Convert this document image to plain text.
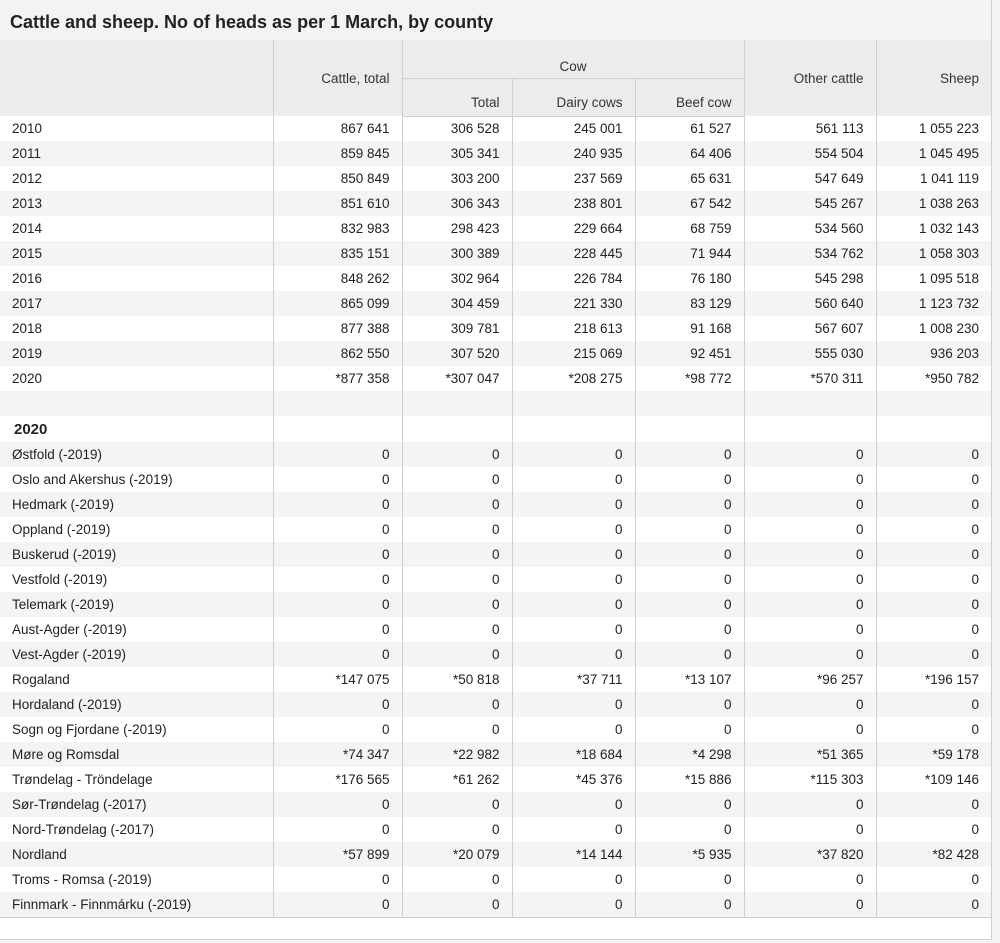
Cattle and sheep. No of heads as per 1 March, by county
	Cattle, total	Cow			Other cattle	Sheep
		Total	Dairy cows	Beef cow		
2010	867 641	306 528	245 001	61 527	561 113	1 055 223
2011	859 845	305 341	240 935	64 406	554 504	1 045 495
2012	850 849	303 200	237 569	65 631	547 649	1 041 119
2013	851 610	306 343	238 801	67 542	545 267	1 038 263
2014	832 983	298 423	229 664	68 759	534 560	1 032 143
2015	835 151	300 389	228 445	71 944	534 762	1 058 303
2016	848 262	302 964	226 784	76 180	545 298	1 095 518
2017	865 099	304 459	221 330	83 129	560 640	1 123 732
2018	877 388	309 781	218 613	91 168	567 607	1 008 230
2019	862 550	307 520	215 069	92 451	555 030	936 203
2020	*877 358	*307 047	*208 275	*98 772	*570 311	*950 782

2020						
Østfold (-2019)	0	0	0	0	0	0
Oslo and Akershus (-2019)	0	0	0	0	0	0
Hedmark (-2019)	0	0	0	0	0	0
Oppland (-2019)	0	0	0	0	0	0
Buskerud (-2019)	0	0	0	0	0	0
Vestfold (-2019)	0	0	0	0	0	0
Telemark (-2019)	0	0	0	0	0	0
Aust-Agder (-2019)	0	0	0	0	0	0
Vest-Agder (-2019)	0	0	0	0	0	0
Rogaland	*147 075	*50 818	*37 711	*13 107	*96 257	*196 157
Hordaland (-2019)	0	0	0	0	0	0
Sogn og Fjordane (-2019)	0	0	0	0	0	0
Møre og Romsdal	*74 347	*22 982	*18 684	*4 298	*51 365	*59 178
Trøndelag - Tröndelage	*176 565	*61 262	*45 376	*15 886	*115 303	*109 146
Sør-Trøndelag (-2017)	0	0	0	0	0	0
Nord-Trøndelag (-2017)	0	0	0	0	0	0
Nordland	*57 899	*20 079	*14 144	*5 935	*37 820	*82 428
Troms - Romsa (-2019)	0	0	0	0	0	0
Finnmark - Finnmárku (-2019)	0	0	0	0	0	0
